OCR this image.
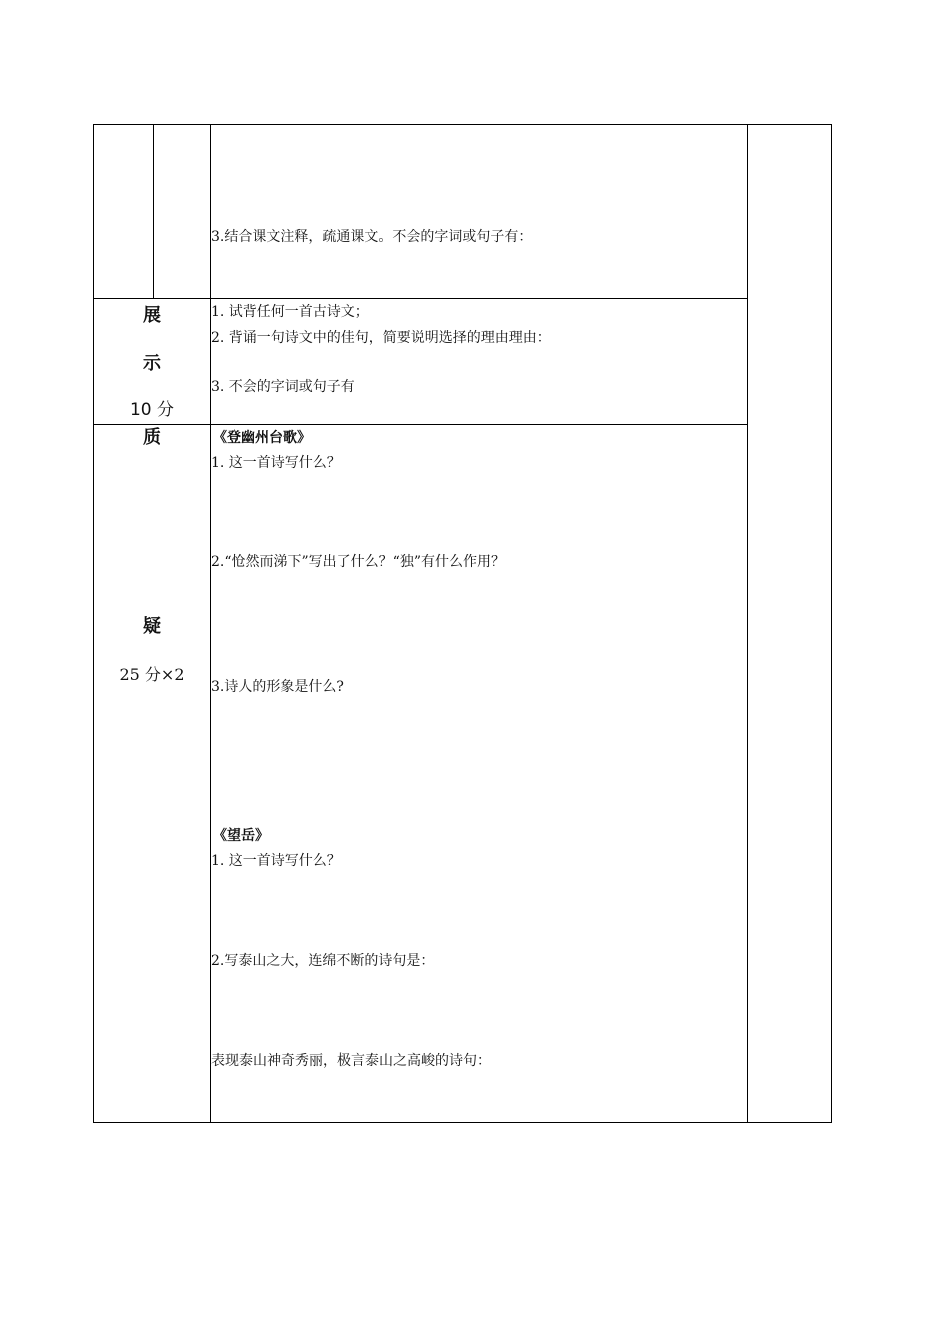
3.结合课文注释，疏通课文。不会的字词或句子有：
展
示
10 分
1. 试背任何一首古诗文；
2. 背诵一句诗文中的佳句，简要说明选择的理由理由：
3. 不会的字词或句子有
质
疑
25 分×2
《登幽州台歌》
1. 这一首诗写什么？
2.“怆然而涕下”写出了什么？“独”有什么作用？
3.诗人的形象是什么?
《望岳》
1. 这一首诗写什么？
2.写泰山之大，连绵不断的诗句是：
表现泰山神奇秀丽，极言泰山之高峻的诗句：
